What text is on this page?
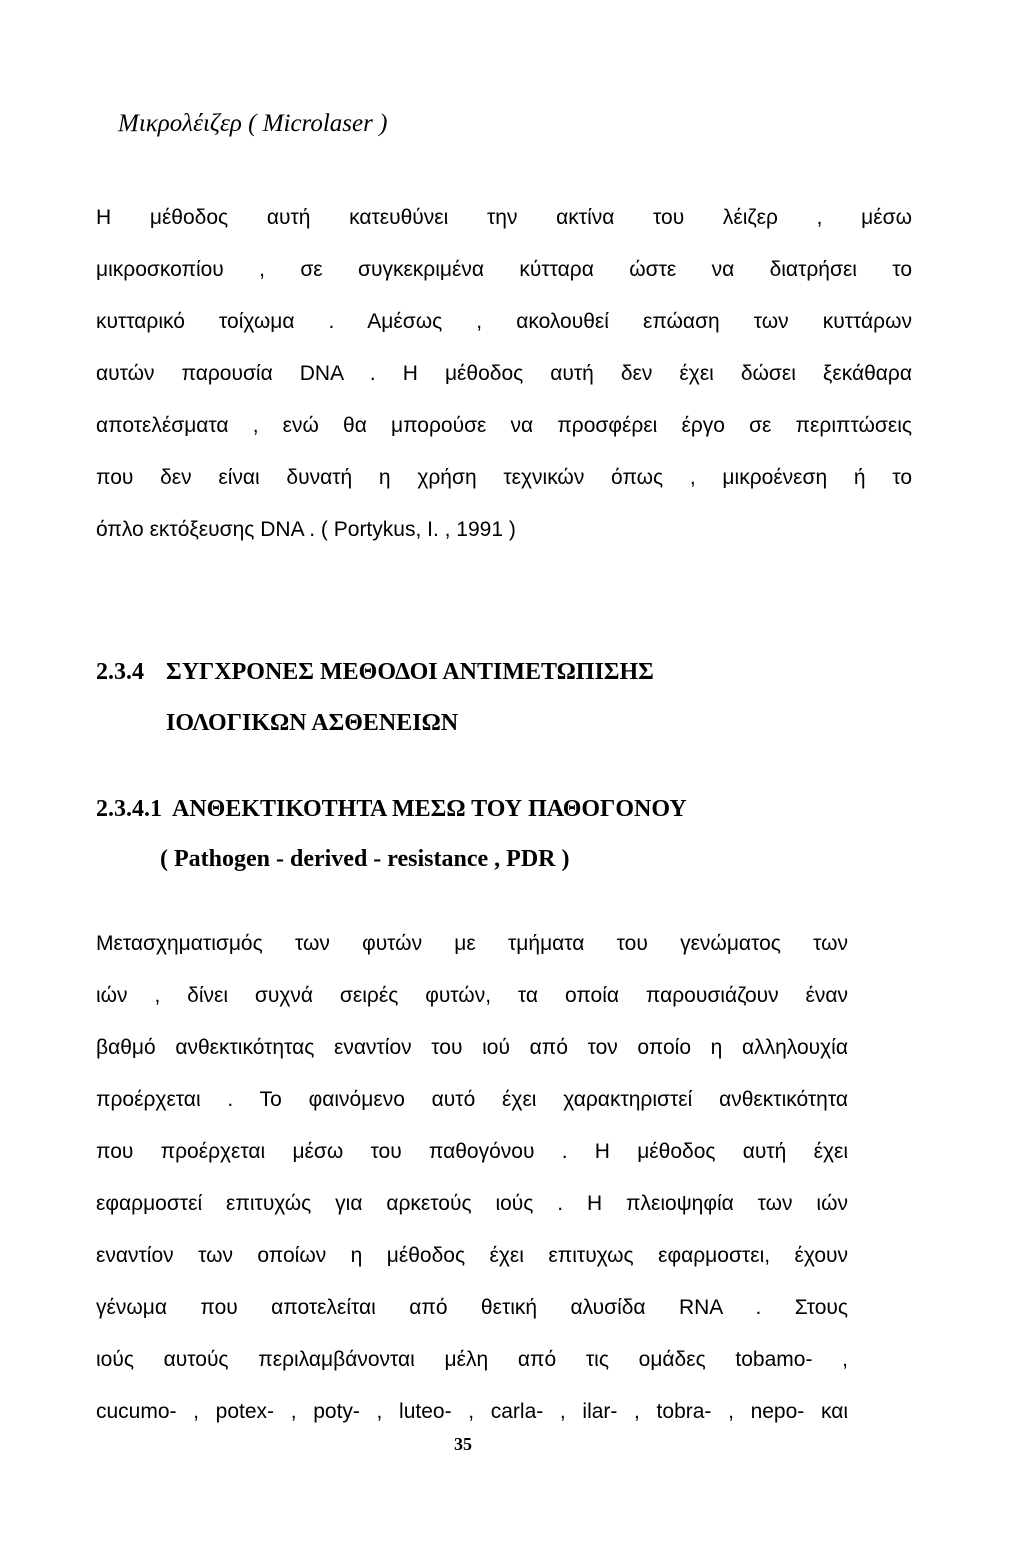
Μικρολέιζερ ( Microlaser )
Η μέθοδος αυτή κατευθύνει την ακτίνα του λέιζερ , μέσω
μικροσκοπίου , σε συγκεκριμένα κύτταρα ώστε να διατρήσει το
κυτταρικό τοίχωμα . Αμέσως , ακολουθεί επώαση των κυττάρων
αυτών παρουσία DNA . Η μέθοδος αυτή δεν έχει δώσει ξεκάθαρα
αποτελέσματα , ενώ θα μπορούσε να προσφέρει έργο σε περιπτώσεις
που δεν είναι δυνατή η χρήση τεχνικών όπως , μικροένεση ή το
όπλο εκτόξευσης DNA . ( Portykus, I. , 1991 )
2.3.4 ΣΥΓΧΡΟΝΕΣ ΜΕΘΟΔΟΙ ΑΝΤΙΜΕΤΩΠΙΣΗΣ
ΙΟΛΟΓΙΚΩΝ ΑΣΘΕΝΕΙΩΝ
2.3.4.1 ΑΝΘΕΚΤΙΚΟΤΗΤΑ ΜΕΣΩ ΤΟΥ ΠΑΘΟΓΟΝΟΥ
( Pathogen - derived - resistance , PDR )
Μετασχηματισμός των φυτών με τμήματα του γενώματος των
ιών , δίνει συχνά σειρές φυτών, τα οποία παρουσιάζουν έναν
βαθμό ανθεκτικότητας εναντίον του ιού από τον οποίο η αλληλουχία
προέρχεται . Το φαινόμενο αυτό έχει χαρακτηριστεί ανθεκτικότητα
που προέρχεται μέσω του παθογόνου . Η μέθοδος αυτή έχει
εφαρμοστεί επιτυχώς για αρκετούς ιούς . Η πλειοψηφία των ιών
εναντίον των οποίων η μέθοδος έχει επιτυχως εφαρμοστει, έχουν
γένωμα που αποτελείται από θετική αλυσίδα RNA . Στους
ιούς αυτούς περιλαμβάνονται μέλη από τις ομάδες tobamo- ,
cucumo- , potex- , poty- , luteo- , carla- , ilar- , tobra- , nepo- και
35
